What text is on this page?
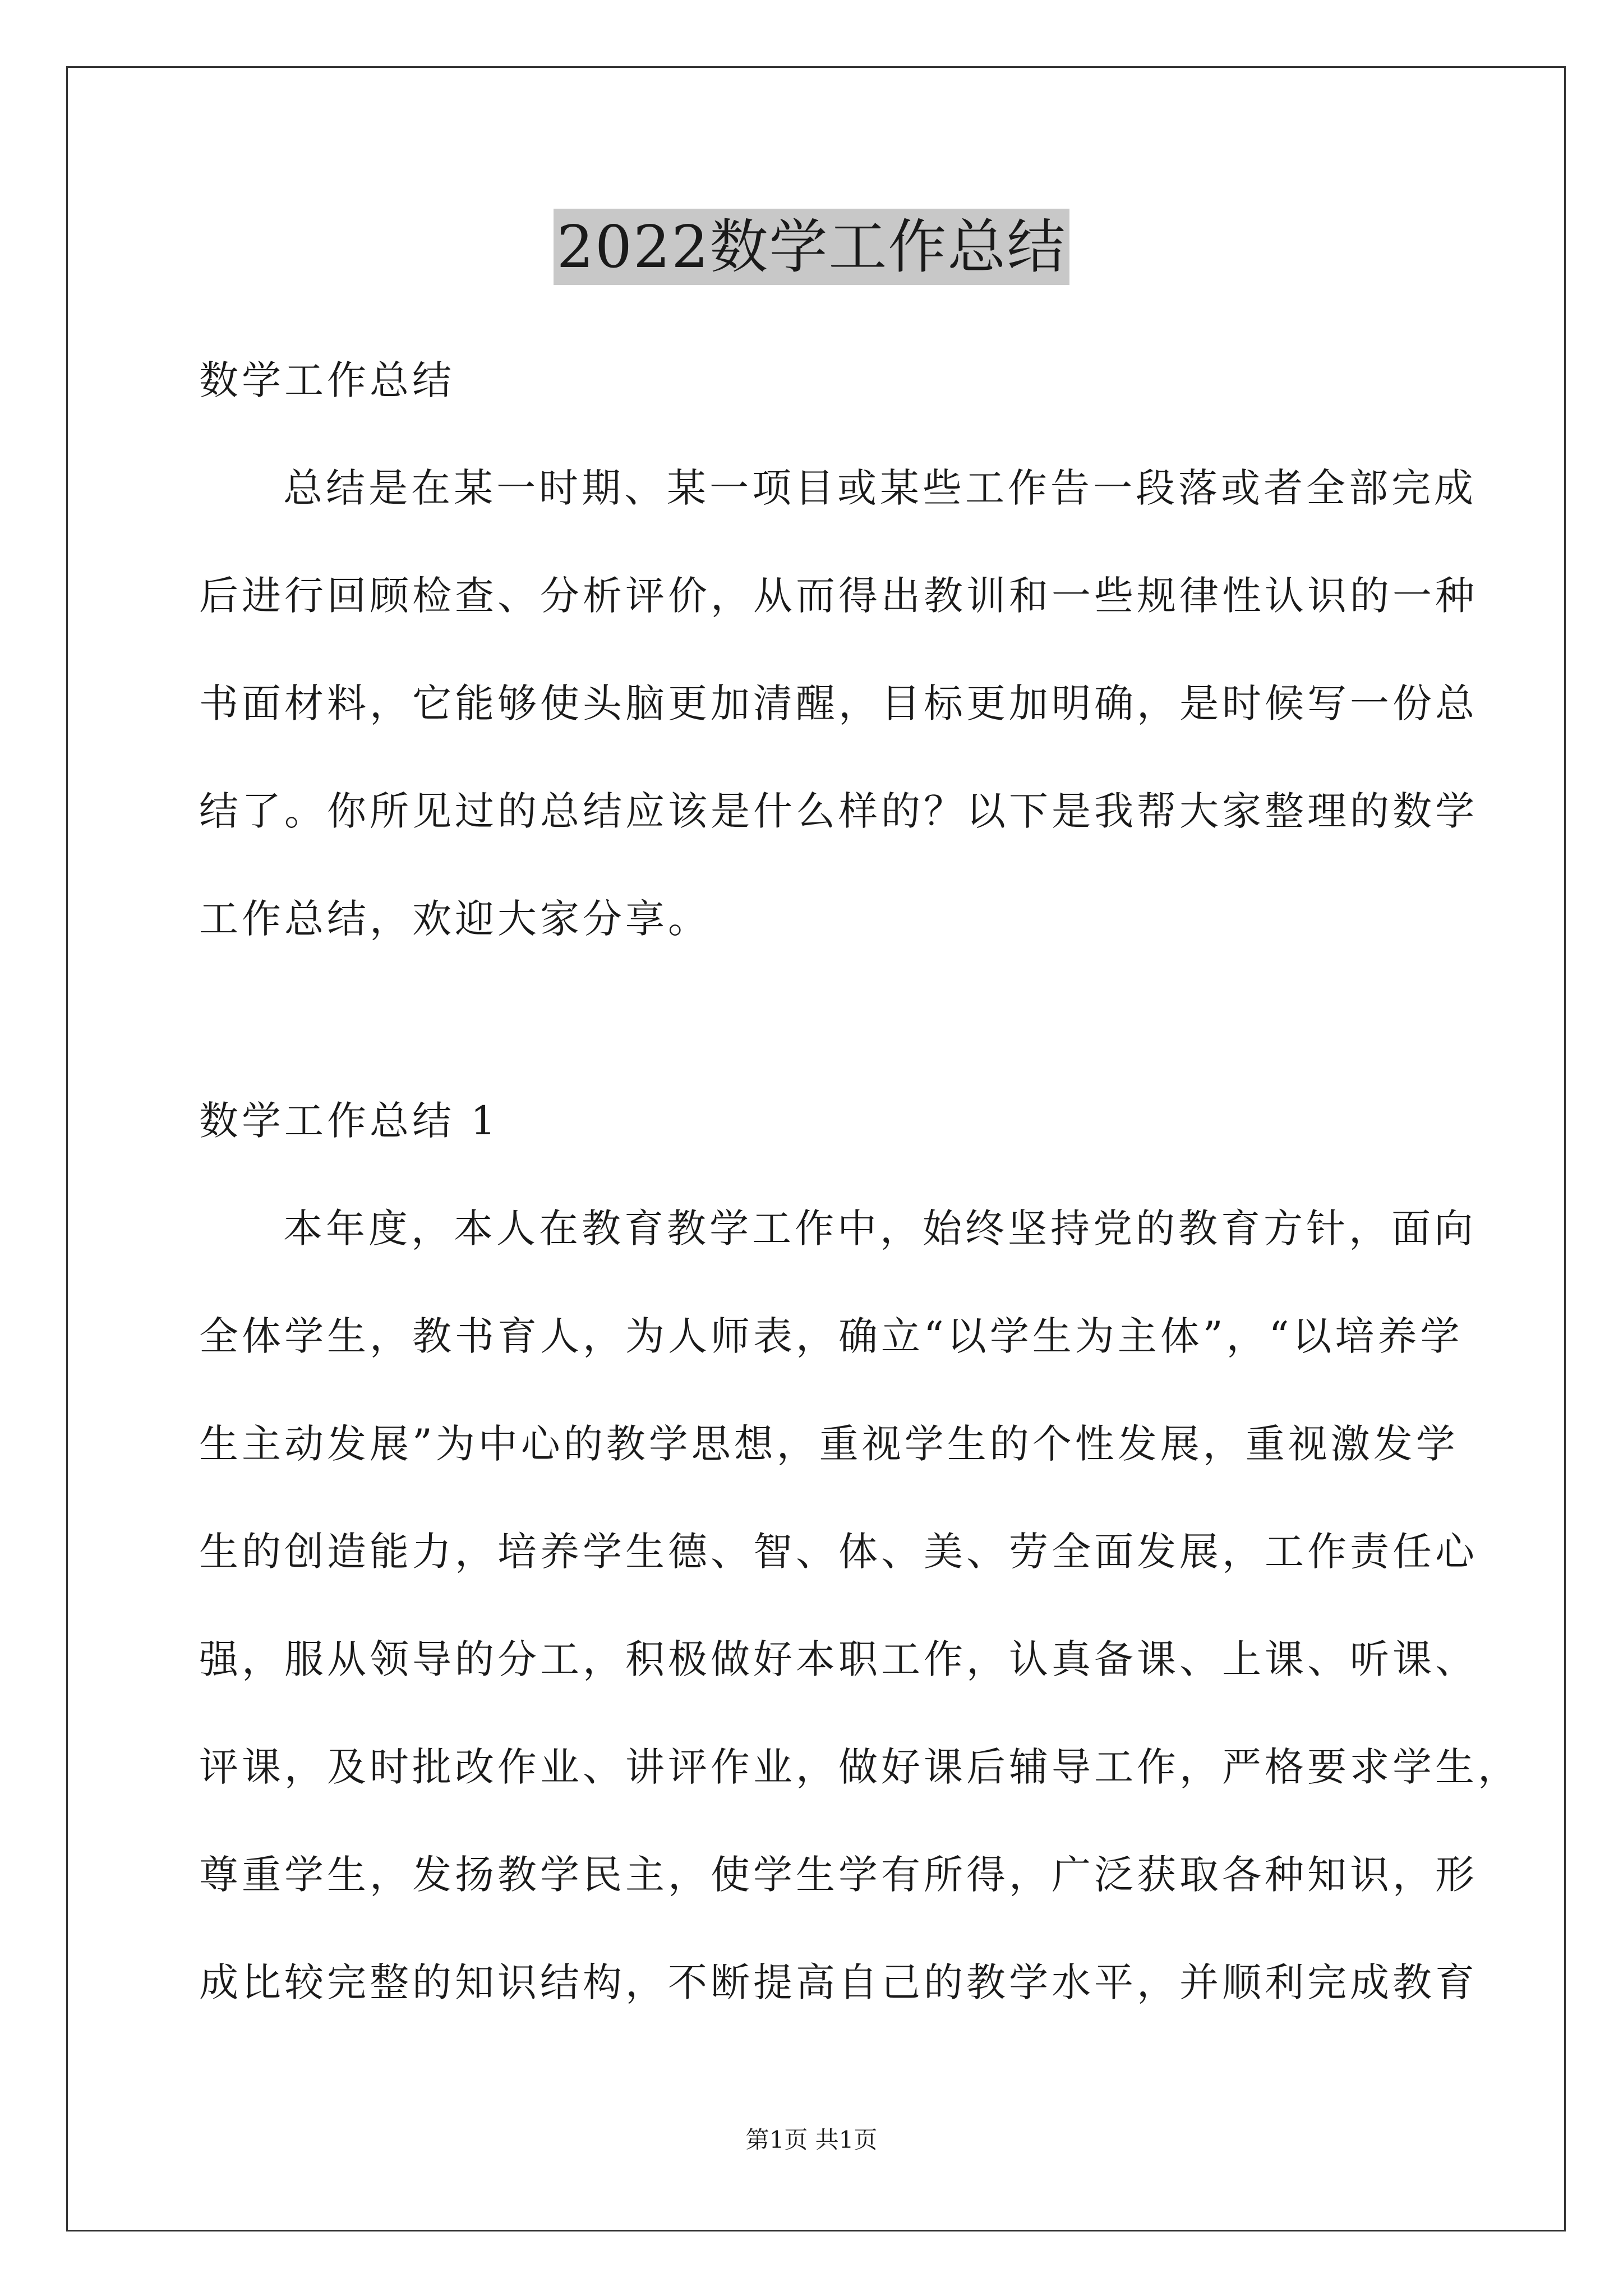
2022数学工作总结
数学工作总结
总结是在某一时期、某一项目或某些工作告一段落或者全部完成
后进行回顾检查、分析评价，从而得出教训和一些规律性认识的一种
书面材料，它能够使头脑更加清醒，目标更加明确，是时候写一份总
结了。你所见过的总结应该是什么样的？以下是我帮大家整理的数学
工作总结，欢迎大家分享。
数学工作总结 1
本年度，本人在教育教学工作中，始终坚持党的教育方针，面向
全体学生，教书育人，为人师表，确立“以学生为主体”，“以培养学
生主动发展”为中心的教学思想，重视学生的个性发展，重视激发学
生的创造能力，培养学生德、智、体、美、劳全面发展，工作责任心
强，服从领导的分工，积极做好本职工作，认真备课、上课、听课、
评课，及时批改作业、讲评作业，做好课后辅导工作，严格要求学生，
尊重学生，发扬教学民主，使学生学有所得，广泛获取各种知识，形
成比较完整的知识结构，不断提高自己的教学水平，并顺利完成教育
第1页 共1页
